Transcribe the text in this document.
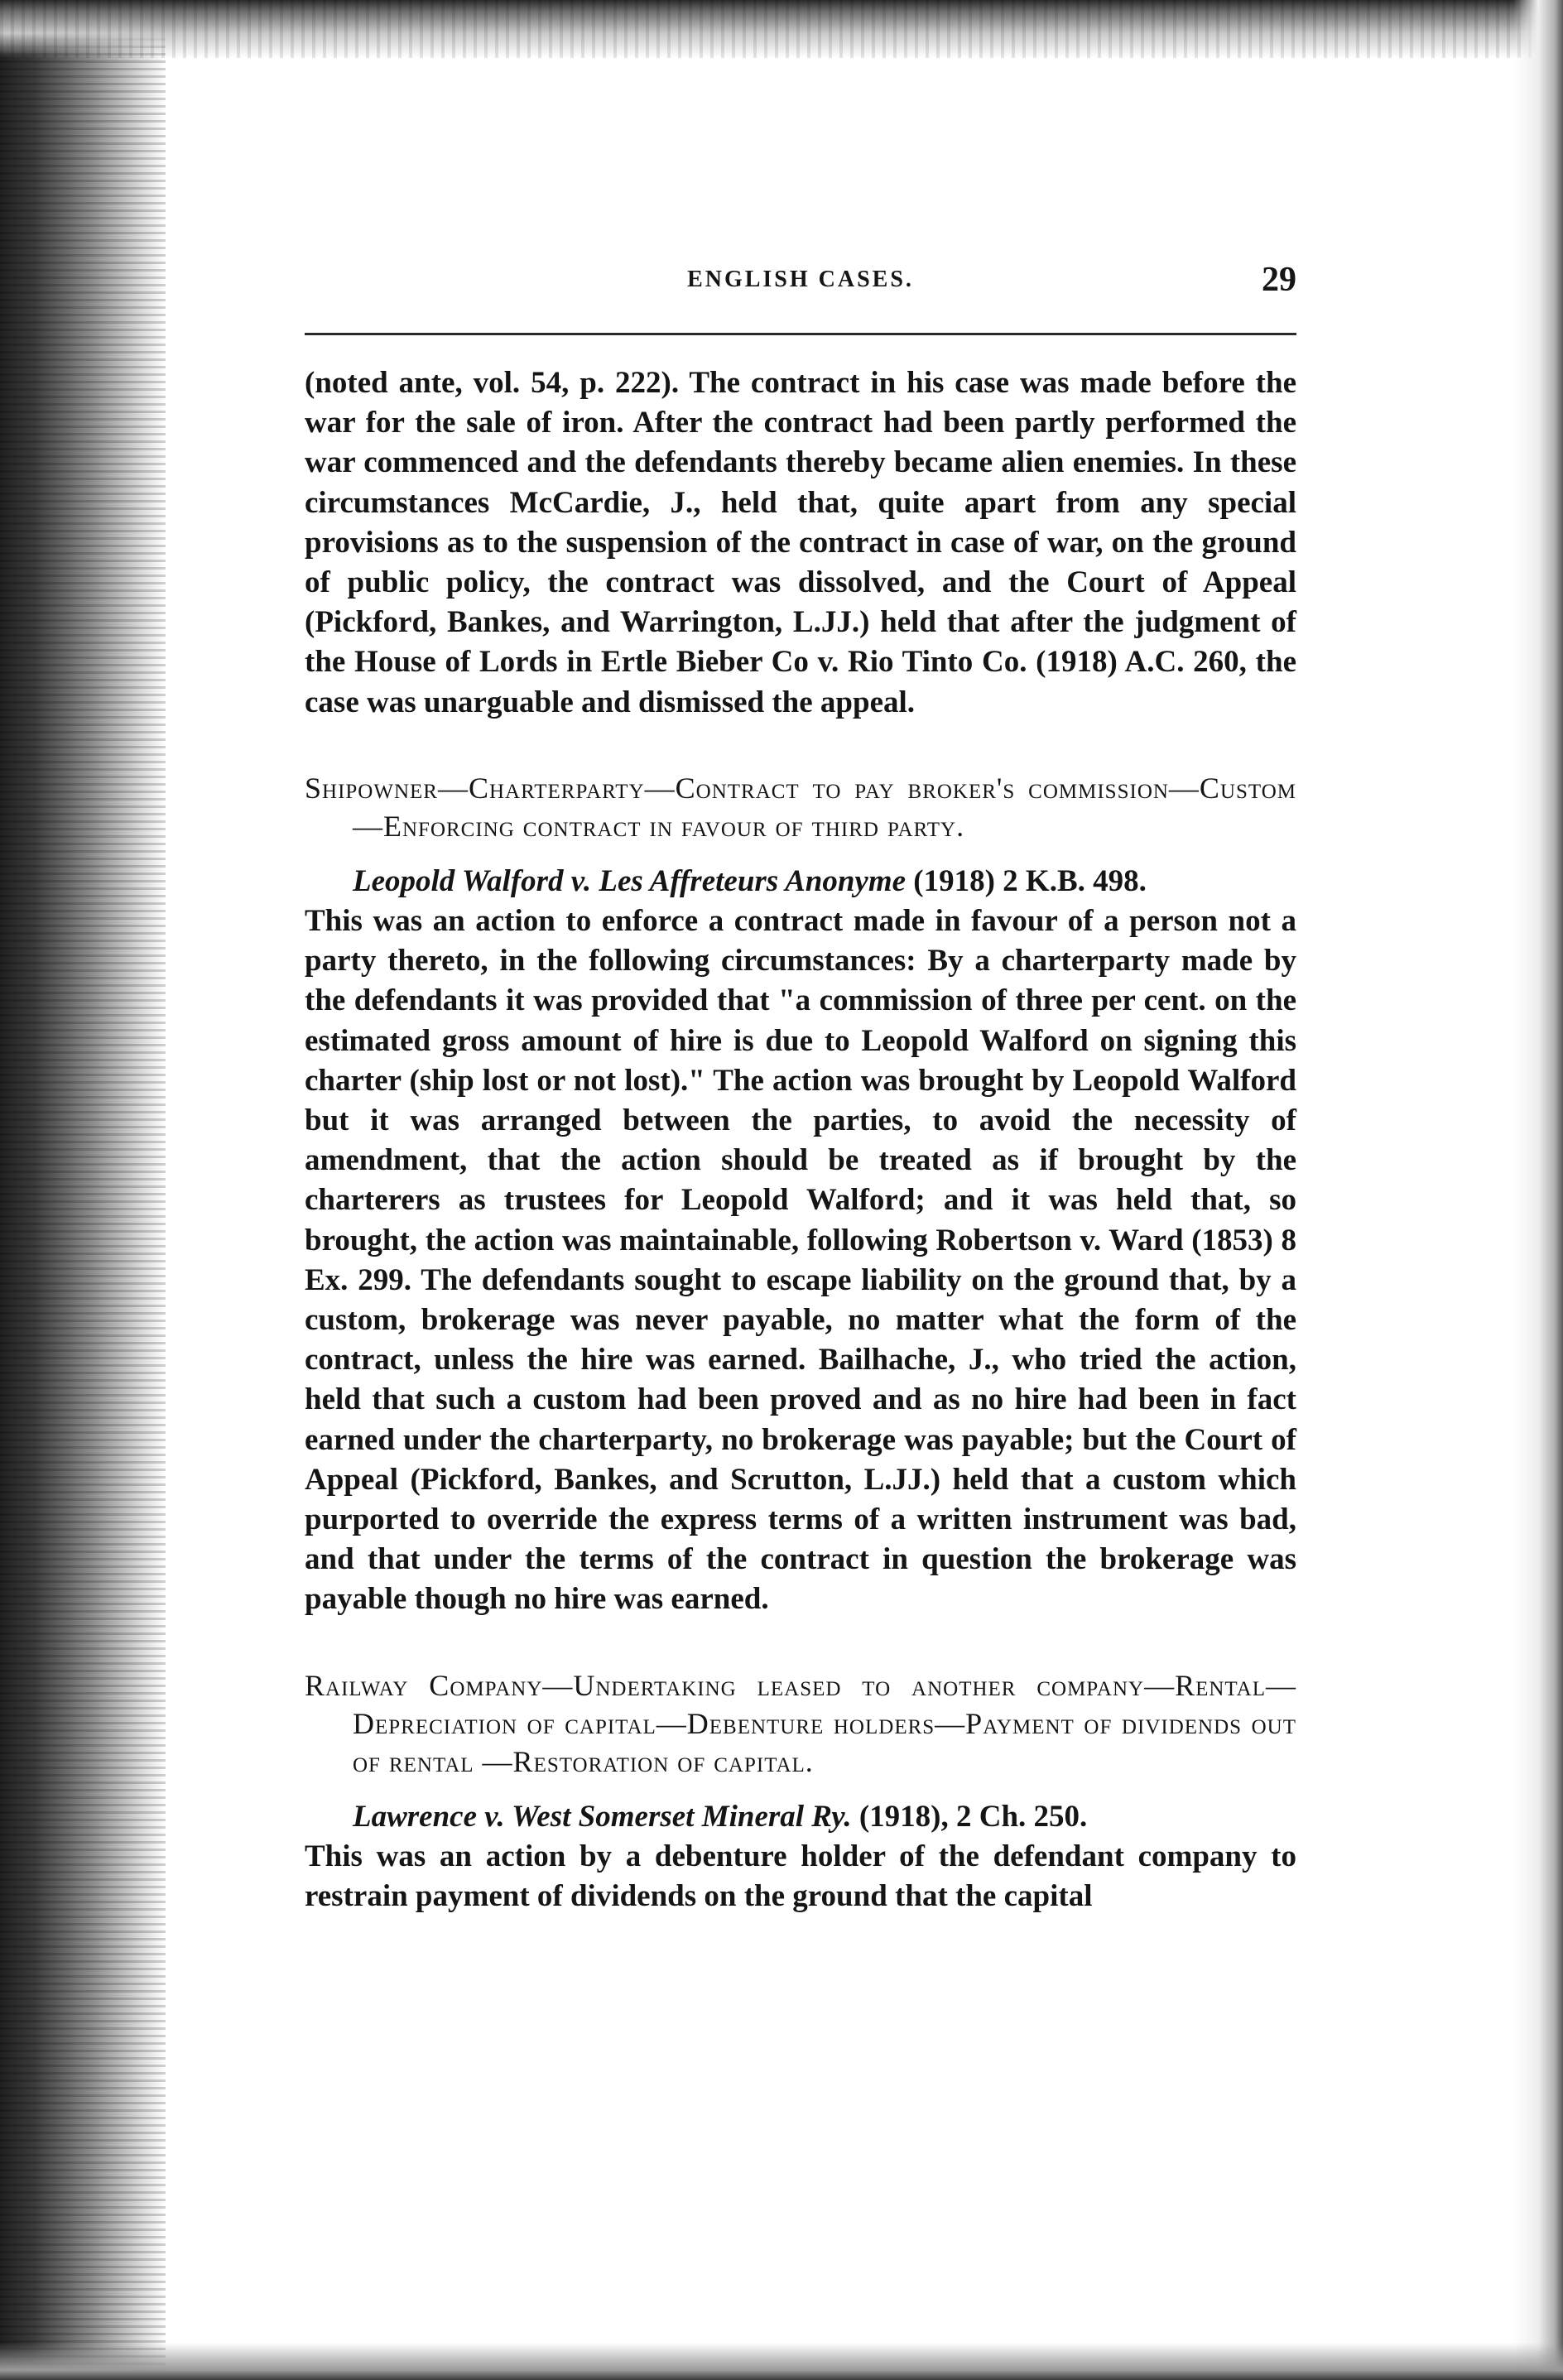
ENGLISH CASES.	29

(noted ante, vol. 54, p. 222). The contract in his case was made before the war for the sale of iron. After the contract had been partly performed the war commenced and the defendants thereby became alien enemies. In these circumstances McCardie, J., held that, quite apart from any special provisions as to the suspension of the contract in case of war, on the ground of public policy, the contract was dissolved, and the Court of Appeal (Pickford, Bankes, and Warrington, L.JJ.) held that after the judgment of the House of Lords in Ertle Bieber Co v. Rio Tinto Co. (1918) A.C. 260, the case was unarguable and dismissed the appeal.

Shipowner—Charterparty—Contract to pay broker's commission—Custom—Enforcing contract in favour of third party.

Leopold Walford v. Les Affreteurs Anonyme (1918) 2 K.B. 498.

This was an action to enforce a contract made in favour of a person not a party thereto, in the following circumstances: By a charterparty made by the defendants it was provided that "a commission of three per cent. on the estimated gross amount of hire is due to Leopold Walford on signing this charter (ship lost or not lost)." The action was brought by Leopold Walford but it was arranged between the parties, to avoid the necessity of amendment, that the action should be treated as if brought by the charterers as trustees for Leopold Walford; and it was held that, so brought, the action was maintainable, following Robertson v. Ward (1853) 8 Ex. 299. The defendants sought to escape liability on the ground that, by a custom, brokerage was never payable, no matter what the form of the contract, unless the hire was earned. Bailhache, J., who tried the action, held that such a custom had been proved and as no hire had been in fact earned under the charterparty, no brokerage was payable; but the Court of Appeal (Pickford, Bankes, and Scrutton, L.JJ.) held that a custom which purported to override the express terms of a written instrument was bad, and that under the terms of the contract in question the brokerage was payable though no hire was earned.

Railway Company—Undertaking leased to another company—Rental—Depreciation of capital—Debenture holders—Payment of dividends out of rental —Restoration of capital.

Lawrence v. West Somerset Mineral Ry. (1918), 2 Ch. 250.

This was an action by a debenture holder of the defendant company to restrain payment of dividends on the ground that the capital
